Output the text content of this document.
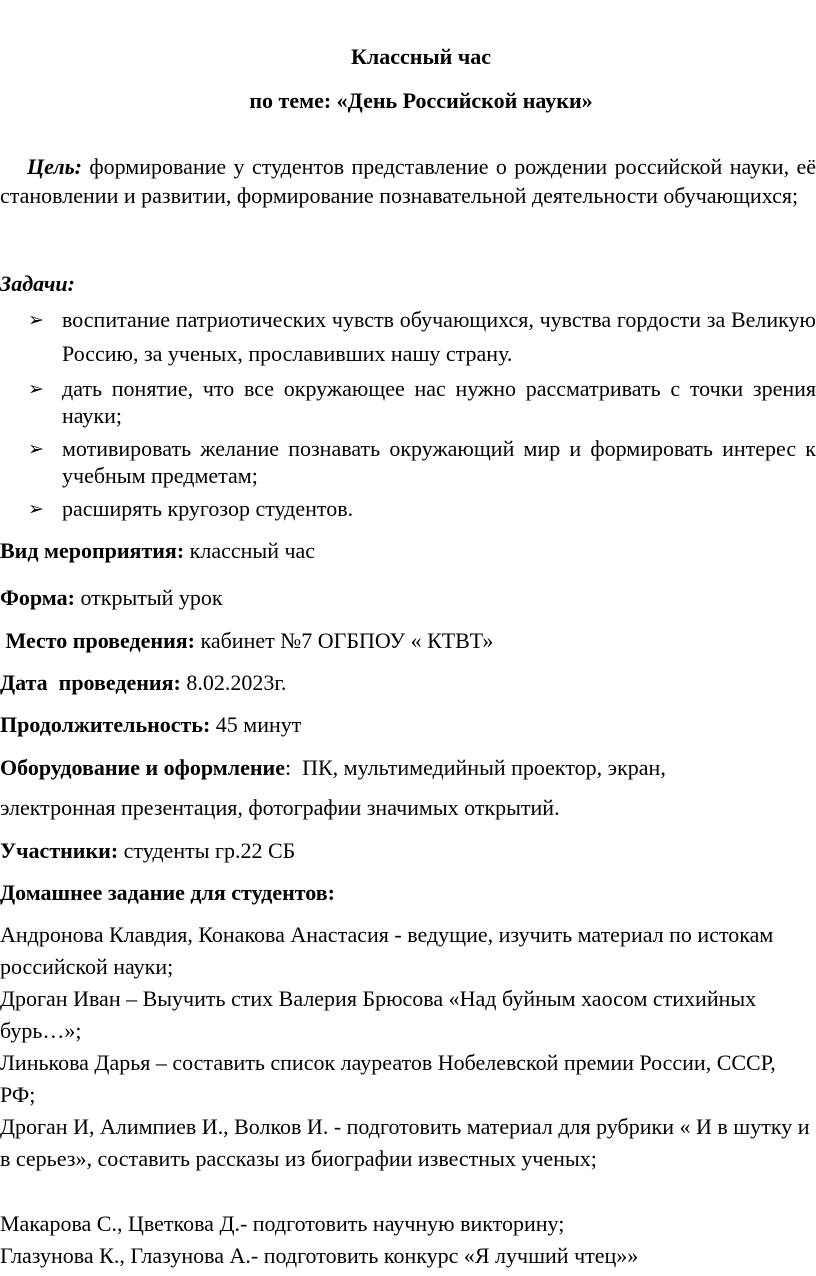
Классный час
по теме: «День Российской науки»
Цель: формирование у студентов представление о рождении российской науки, её становлении и развитии, формирование познавательной деятельности обучающихся;
Задачи:
➢ воспитание патриотических чувств обучающихся, чувства гордости за Великую Россию, за ученых, прославивших нашу страну.
➢ дать понятие, что все окружающее нас нужно рассматривать с точки зрения науки;
➢ мотивировать желание познавать окружающий мир и формировать интерес к учебным предметам;
➢ расширять кругозор студентов.
Вид мероприятия: классный час
Форма: открытый урок
Место проведения: кабинет №7 ОГБПОУ « КТВТ»
Дата  проведения: 8.02.2023г.
Продолжительность: 45 минут
Оборудование и оформление:  ПК, мультимедийный проектор, экран,
электронная презентация, фотографии значимых открытий.
Участники: студенты гр.22 СБ
Домашнее задание для студентов:
Андронова Клавдия, Конакова Анастасия - ведущие, изучить материал по истокам российской науки;
Дроган Иван – Выучить стих Валерия Брюсова «Над буйным хаосом стихийных бурь…»;
Линькова Дарья – составить список лауреатов Нобелевской премии России, СССР, РФ;
Дроган И, Алимпиев И., Волков И. - подготовить материал для рубрики « И в шутку и в серьез», составить рассказы из биографии известных ученых;
Макарова С., Цветкова Д.- подготовить научную викторину;
Глазунова К., Глазунова А.- подготовить конкурс «Я лучший чтец»»
